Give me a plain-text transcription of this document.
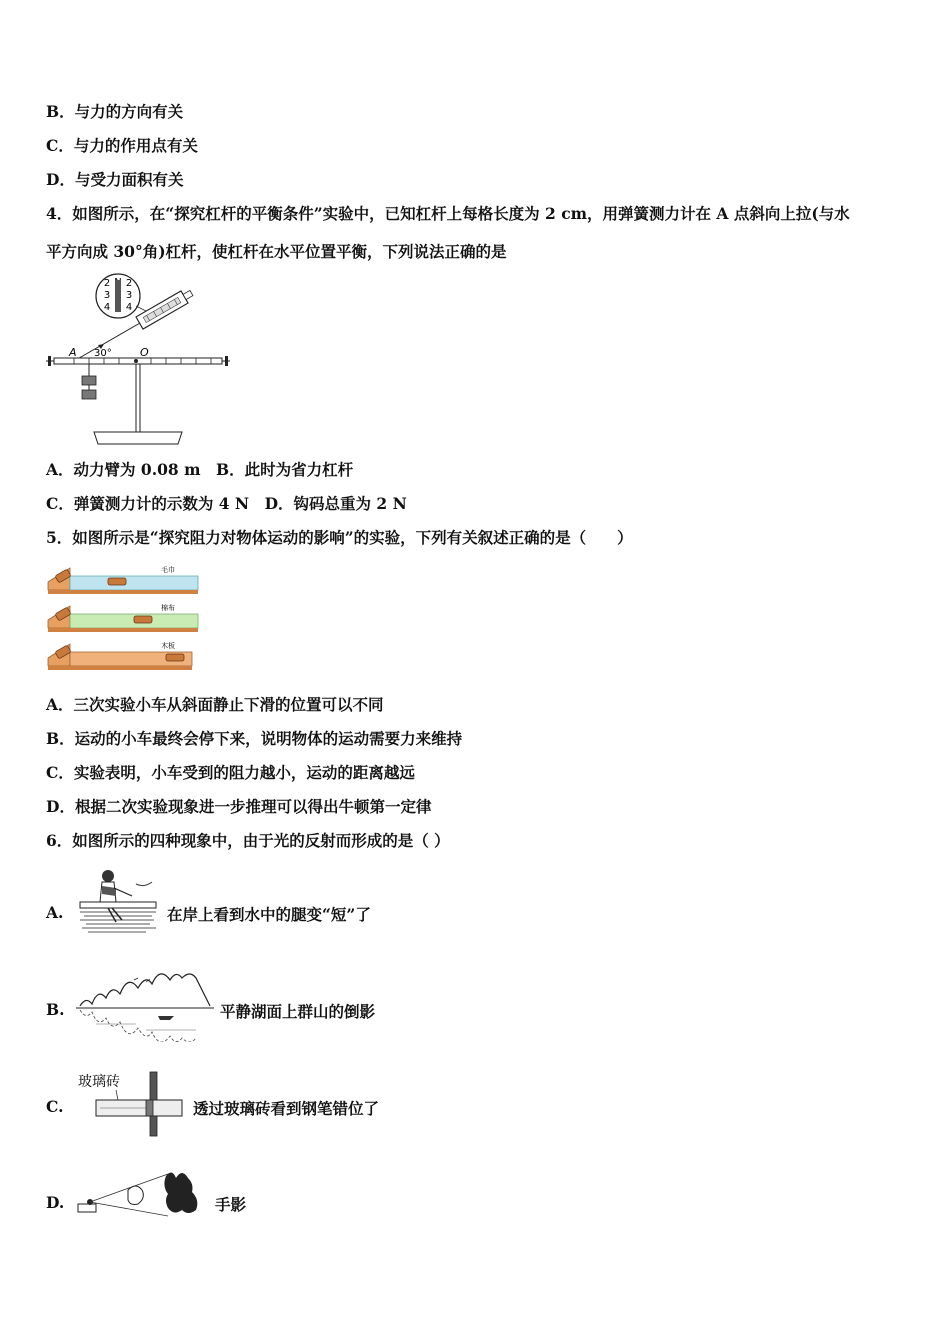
B．与力的方向有关
C．与力的作用点有关
D．与受力面积有关
4．如图所示，在“探究杠杆的平衡条件”实验中，已知杠杆上每格长度为 2 cm，用弹簧测力计在 A 点斜向上拉(与水
平方向成 30°角)杠杆，使杠杆在水平位置平衡，下列说法正确的是
2
3
4
2
3
4
A	O
30°
A．动力臂为 0.08 m　B．此时为省力杠杆
C．弹簧测力计的示数为 4 N　D．钩码总重为 2 N
5．如图所示是“探究阻力对物体运动的影响”的实验，下列有关叙述正确的是（　　）
毛巾
棉布
木板
A．三次实验小车从斜面静止下滑的位置可以不同
B．运动的小车最终会停下来，说明物体的运动需要力来维持
C．实验表明，小车受到的阻力越小，运动的距离越远
D．根据二次实验现象进一步推理可以得出牛顿第一定律
6．如图所示的四种现象中，由于光的反射而形成的是（ ）
A.	在岸上看到水中的腿变“短”了
B.	平静湖面上群山的倒影
C.
玻璃砖
透过玻璃砖看到钢笔错位了
D.	手影
